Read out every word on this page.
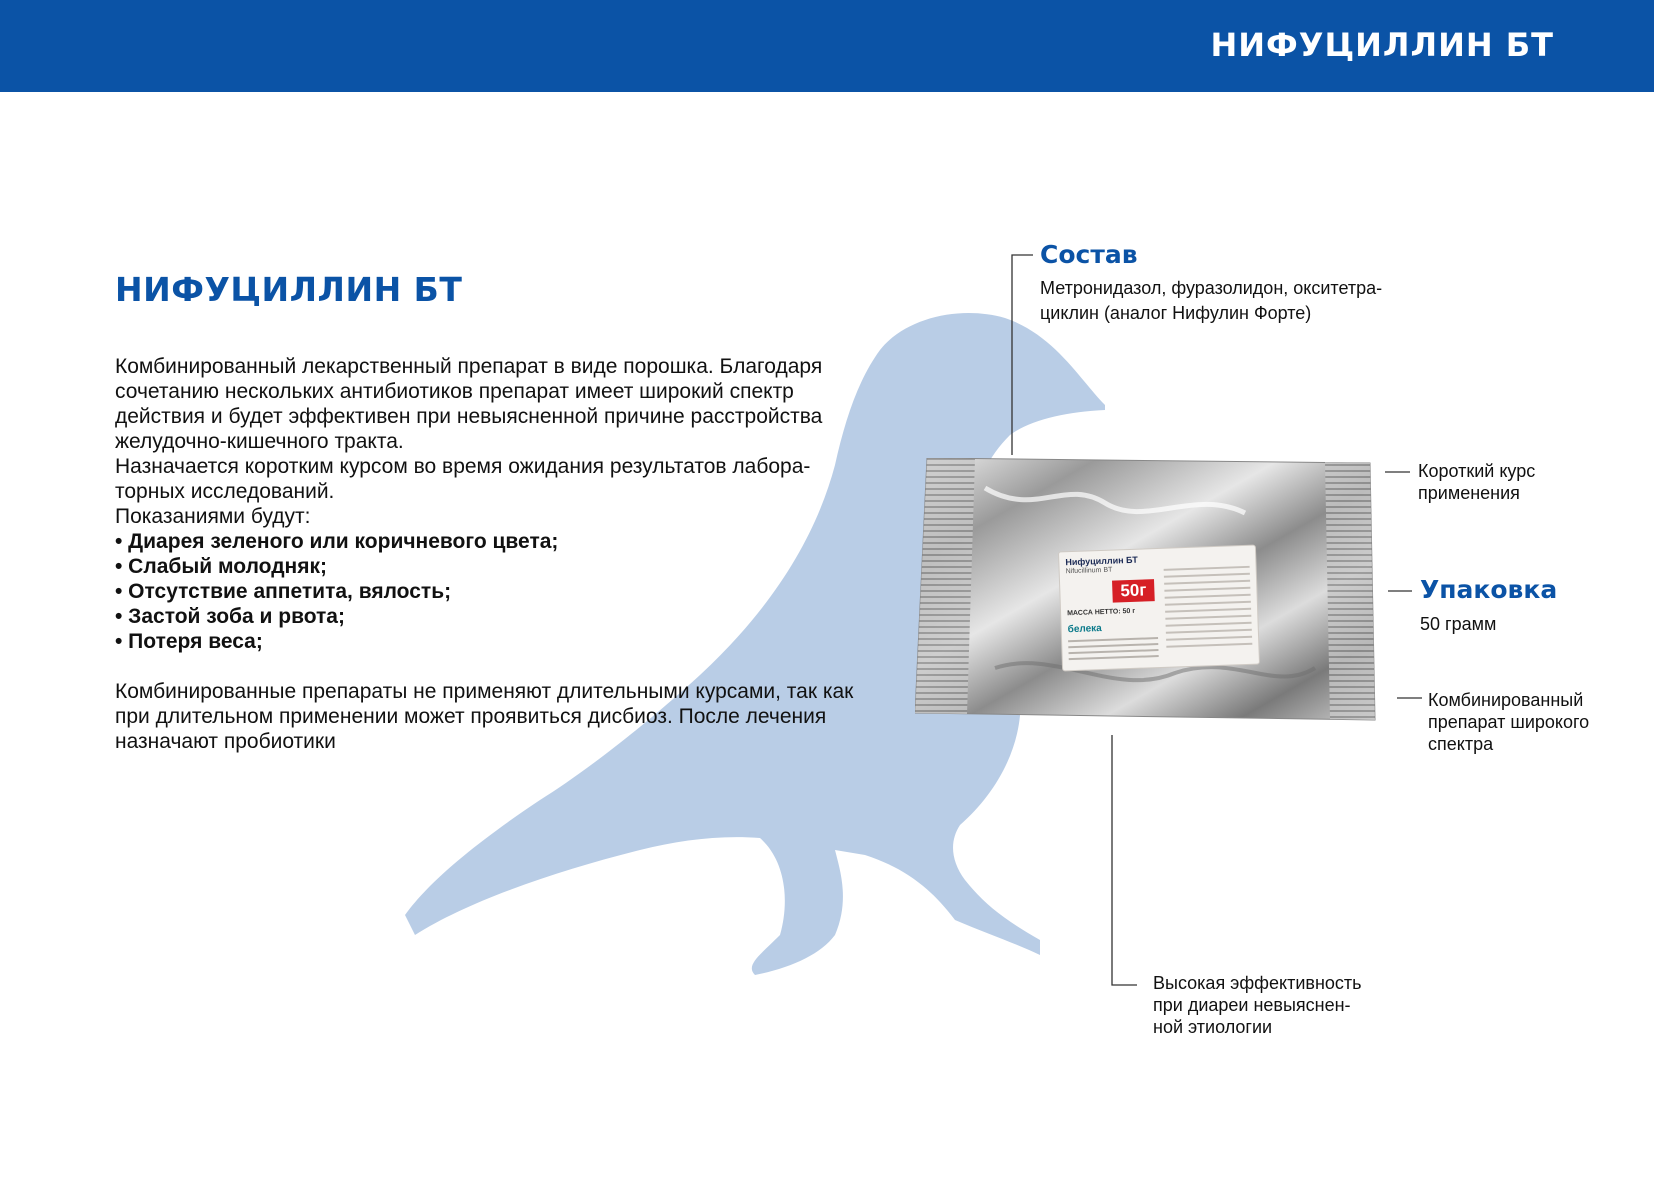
НИФУЦИЛЛИН БТ
НИФУЦИЛЛИН БТ

Комбинированный лекарственный препарат в виде порошка. Благодаря сочетанию нескольких антибиотиков препарат имеет широкий спектр действия и будет эффективен при невыясненной причине расстройства желудочно-кишечного тракта.

Назначается коротким курсом во время ожидания результатов лабора-

торных исследований.

Показаниями будут:

• Диарея зеленого или коричневого цвета;
• Слабый молодняк;
• Отсутствие аппетита, вялость;
• Застой зоба и рвота;
• Потеря веса;

Комбинированные препараты не применяют длительными курсами, так как при длительном применении может проявиться дисбиоз. После лечения назначают пробиотики

Состав
Метронидазол, фуразолидон, окситетра-
циклин (аналог Нифулин Форте)
Короткий курс
применения
Упаковка
50 грамм
Комбинированный
препарат широкого
спектра
Высокая эффективность
при диареи невыяснен-
ной этиологии
Нифуциллин БТ
Nifucillinum BT
50г
МАССА НЕТТО: 50 г
белека
